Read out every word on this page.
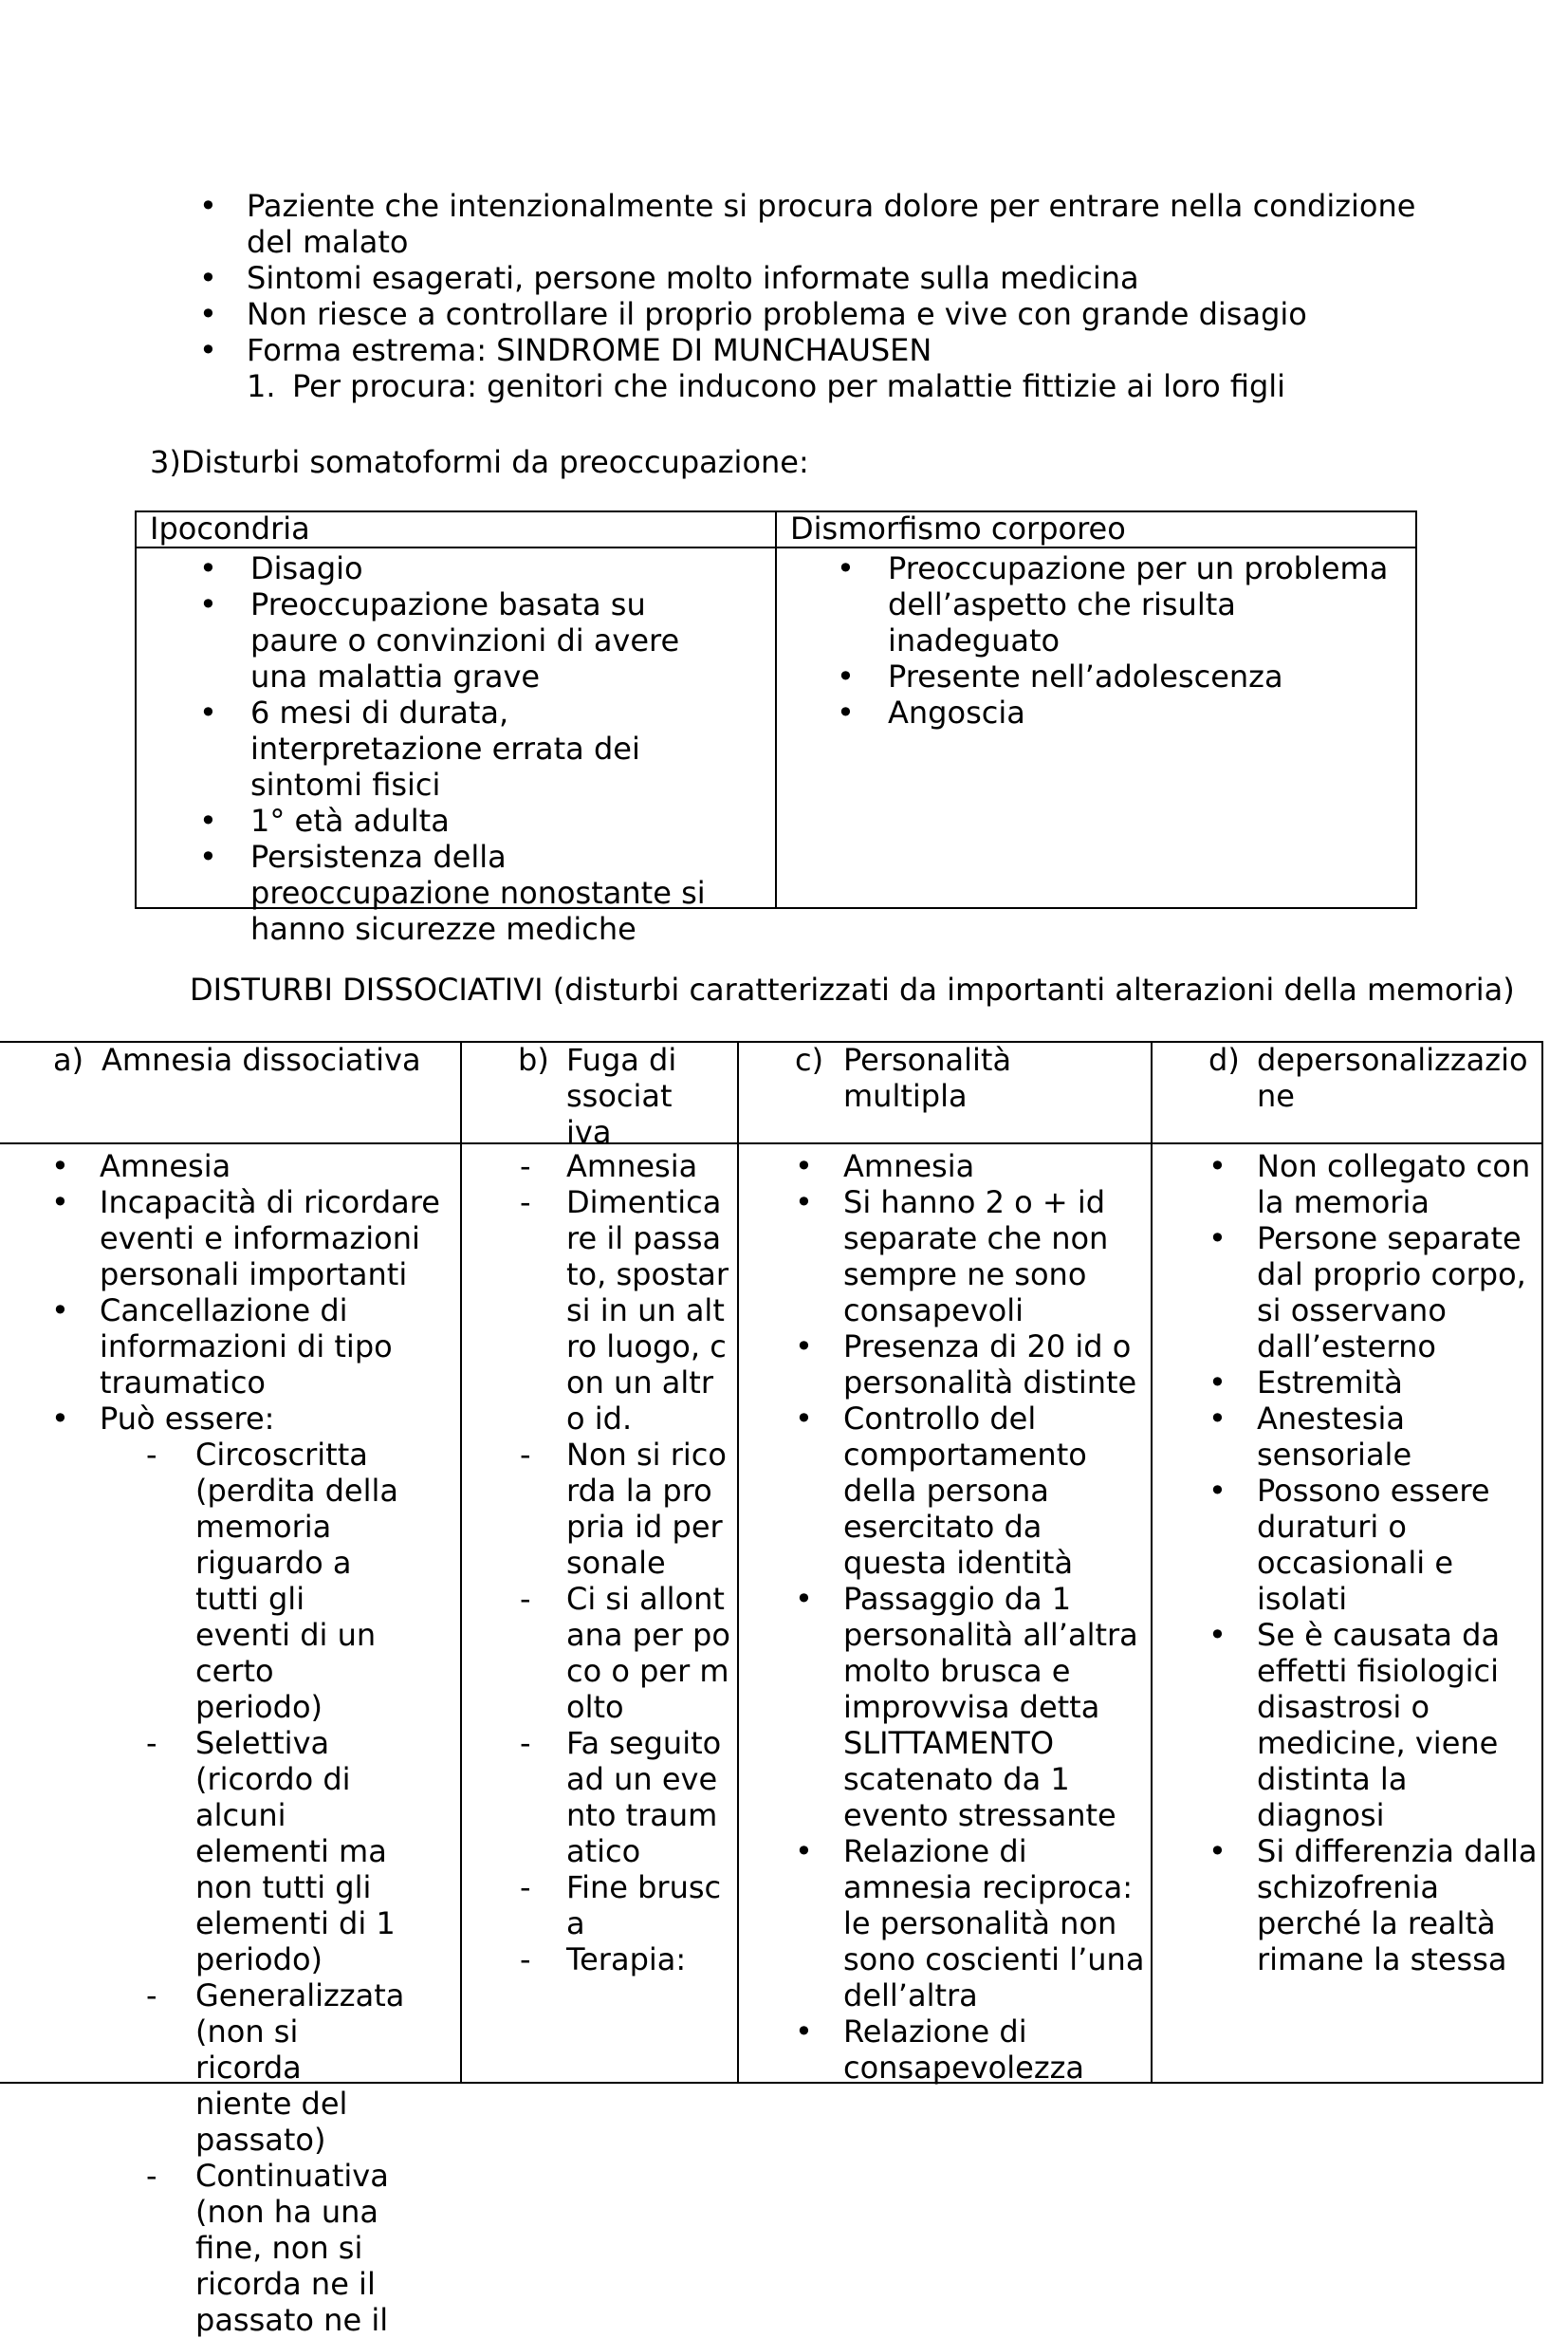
• Paziente che intenzionalmente si procura dolore per entrare nella condizione del malato
• Sintomi esagerati, persone molto informate sulla medicina
• Non riesce a controllare il proprio problema e vive con grande disagio
• Forma estrema: SINDROME DI MUNCHAUSEN
1. Per procura: genitori che inducono per malattie fittizie ai loro figli
3)Disturbi somatoformi da preoccupazione:
Ipocondria
• Disagio
• Preoccupazione basata su paure o convinzioni di avere una malattia grave
• 6 mesi di durata, interpretazione errata dei sintomi fisici
• 1° età adulta
• Persistenza della preoccupazione nonostante si hanno sicurezze mediche
Dismorfismo corporeo
• Preoccupazione per un problema dell’aspetto che risulta inadeguato
• Presente nell’adolescenza
• Angoscia
DISTURBI DISSOCIATIVI (disturbi caratterizzati da importanti alterazioni della memoria)
a) Amnesia dissociativa
• Amnesia
• Incapacità di ricordare eventi e informazioni personali importanti
• Cancellazione di informazioni di tipo traumatico
• Può essere:
- Circoscritta (perdita della memoria riguardo a tutti gli eventi di un certo periodo)
- Selettiva (ricordo di alcuni elementi ma non tutti gli elementi di 1 periodo)
- Generalizzata (non si ricorda niente del passato)
- Continuativa (non ha una fine, non si ricorda ne il passato ne il
b) Fuga dissociativa
- Amnesia
- Dimenticare il passato, spostarsi in un altro luogo, con un altro id.
- Non si ricorda la propria id personale
- Ci si allontana per poco o per molto
- Fa seguito ad un evento traumatico
- Fine brusca
- Terapia:
c) Personalità multipla
• Amnesia
• Si hanno 2 o + id separate che non sempre ne sono consapevoli
• Presenza di 20 id o personalità distinte
• Controllo del comportamento della persona esercitato da questa identità
• Passaggio da 1 personalità all’altra molto brusca e improvvisa detta SLITTAMENTO scatenato da 1 evento stressante
• Relazione di amnesia reciproca: le personalità non sono coscienti l’una dell’altra
• Relazione di consapevolezza
d) depersonalizzazione
• Non collegato con la memoria
• Persone separate dal proprio corpo, si osservano dall’esterno
• Estremità
• Anestesia sensoriale
• Possono essere duraturi o occasionali e isolati
• Se è causata da effetti fisiologici disastrosi o medicine, viene distinta la diagnosi
• Si differenzia dalla schizofrenia perché la realtà rimane la stessa
